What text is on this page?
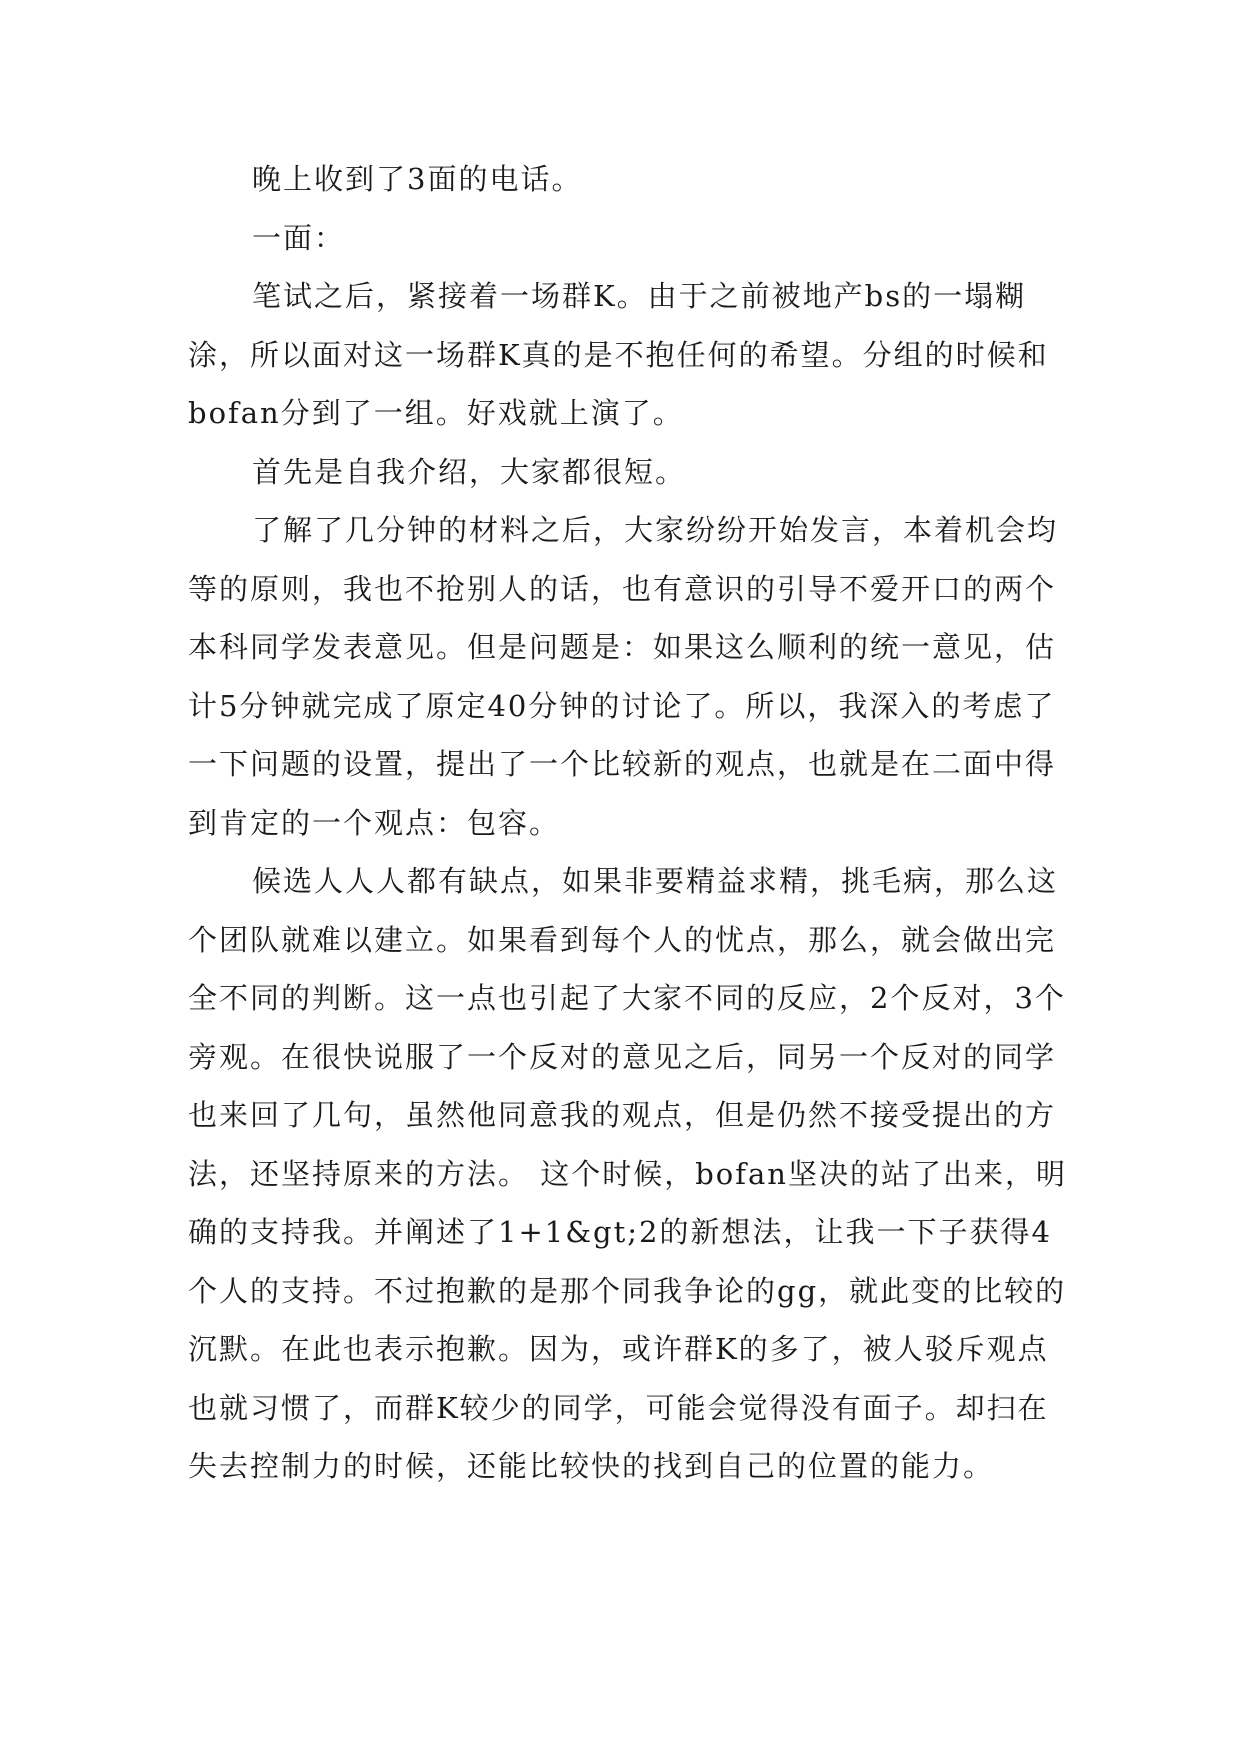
晚上收到了3面的电话。

一面：

笔试之后，紧接着一场群K。由于之前被地产bs的一塌糊涂，所以面对这一场群K真的是不抱任何的希望。分组的时候和bofan分到了一组。好戏就上演了。

首先是自我介绍，大家都很短。

了解了几分钟的材料之后，大家纷纷开始发言，本着机会均等的原则，我也不抢别人的话，也有意识的引导不爱开口的两个本科同学发表意见。但是问题是：如果这么顺利的统一意见，估计5分钟就完成了原定40分钟的讨论了。所以，我深入的考虑了一下问题的设置，提出了一个比较新的观点，也就是在二面中得到肯定的一个观点：包容。

候选人人人都有缺点，如果非要精益求精，挑毛病，那么这个团队就难以建立。如果看到每个人的忧点，那么，就会做出完全不同的判断。这一点也引起了大家不同的反应，2个反对，3个旁观。在很快说服了一个反对的意见之后，同另一个反对的同学也来回了几句，虽然他同意我的观点，但是仍然不接受提出的方法，还坚持原来的方法。 这个时候，bofan坚决的站了出来，明确的支持我。并阐述了1+1&gt;2的新想法，让我一下子获得4个人的支持。不过抱歉的是那个同我争论的gg，就此变的比较的沉默。在此也表示抱歉。因为，或许群K的多了，被人驳斥观点也就习惯了，而群K较少的同学，可能会觉得没有面子。却扫在失去控制力的时候，还能比较快的找到自己的位置的能力。
